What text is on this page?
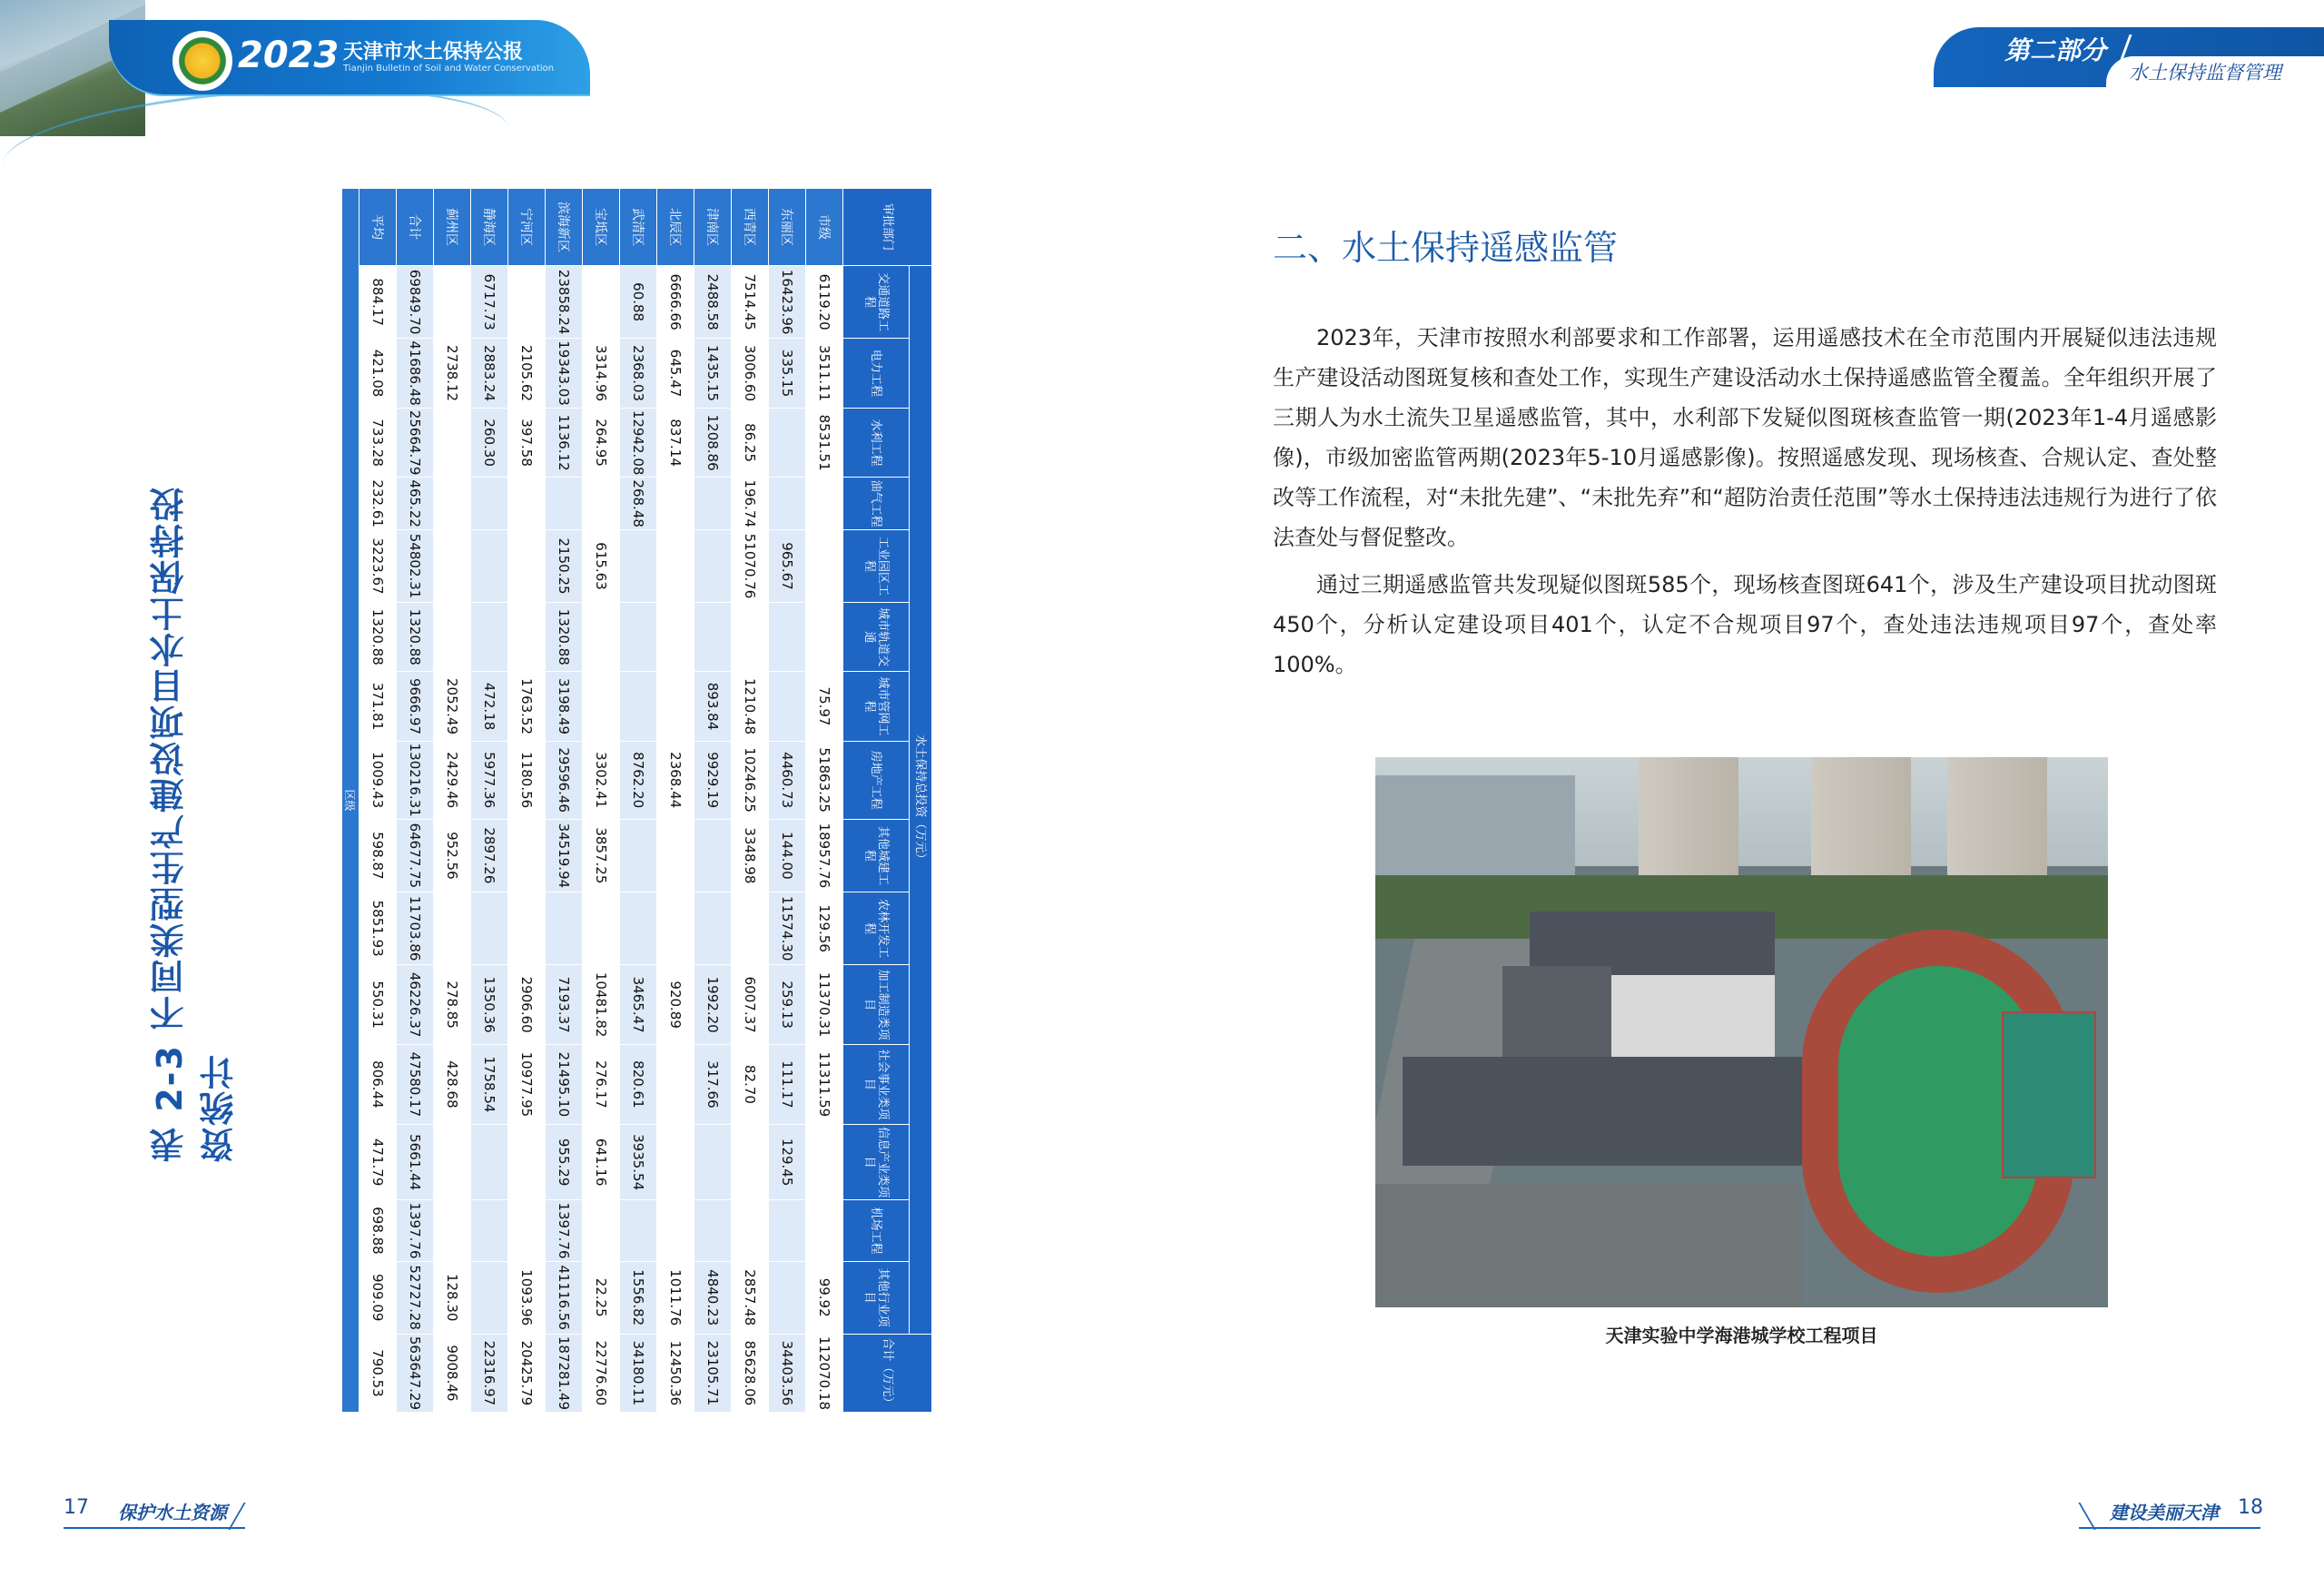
2023 天津市水土保持公报
Tianjin Bulletin of Soil and Water Conservation
第二部分
水土保持监督管理
表 2-3 不同类型生产建设项目水土保持投资统计
审批部门	水土保持总投资（万元）															合计（万元）
	交通道路工程	电力工程	水利工程	油气工程	工业园区工程	城市轨道交通	城市管网工程	房地产工程	其他城建工程	农林开发工程	加工制造类项目	社会事业类项目	信息产业类项目	机场工程	其他行业项目	
市级	6119.20	3511.11	8531.51				75.97	51863.25	18957.76	129.56	11370.31	11311.59			99.92	112070.18
东丽区	16423.96	335.15			965.67			4460.73	144.00	11574.30	259.13	111.17	129.45			34403.56
西青区	7514.45	3006.60	86.25	196.74	51070.76		1210.48	10246.25	3348.98		6007.37	82.70			2857.48	85628.06
津南区	2488.58	1435.15	1208.86				893.84	9929.19			1992.20	317.66			4840.23	23105.71
北辰区	6666.66	645.47	837.14					2368.44			920.89				1011.76	12450.36
武清区	60.88	2368.03	12942.08	268.48				8762.20			3465.47	820.61	3935.54		1556.82	34180.11
宝坻区		3314.96	264.95		615.63			3302.41	3857.25		10481.82	276.17	641.16		22.25	22776.60
滨海新区	23858.24	19343.03	1136.12		2150.25	1320.88	3198.49	29596.46	34519.94		7193.37	21495.10	955.29	1397.76	41116.56	187281.49
宁河区		2105.62	397.58				1763.52	1180.56			2906.60	10977.95			1093.96	20425.79
静海区	6717.73	2883.24	260.30				472.18	5977.36	2897.26		1350.36	1758.54				22316.97
蓟州区		2738.12					2052.49	2429.46	952.56		278.85	428.68			128.30	9008.46
合计	69849.70	41686.48	25664.79	465.22	54802.31	1320.88	9666.97	130216.31	64677.75	11703.86	46226.37	47580.17	5661.44	1397.76	52727.28	563647.29
平均	884.17	421.08	733.28	232.61	3223.67	1320.88	371.81	1009.43	598.87	5851.93	550.31	806.44	471.79	698.88	909.09	790.53
区级																
二、水土保持遥感监管
2023年，天津市按照水利部要求和工作部署，运用遥感技术在全市范围内开展疑似违法违规生产建设活动图斑复核和查处工作，实现生产建设活动水土保持遥感监管全覆盖。全年组织开展了三期人为水土流失卫星遥感监管，其中，水利部下发疑似图斑核查监管一期(2023年1-4月遥感影像)，市级加密监管两期(2023年5-10月遥感影像)。按照遥感发现、现场核查、合规认定、查处整改等工作流程，对“未批先建”、“未批先弃”和“超防治责任范围”等水土保持违法违规行为进行了依法查处与督促整改。
通过三期遥感监管共发现疑似图斑585个，现场核查图斑641个，涉及生产建设项目扰动图斑450个，分析认定建设项目401个，认定不合规项目97个，查处违法违规项目97个，查处率100%。
天津实验中学海港城学校工程项目
17 保护水土资源	建设美丽天津 18
